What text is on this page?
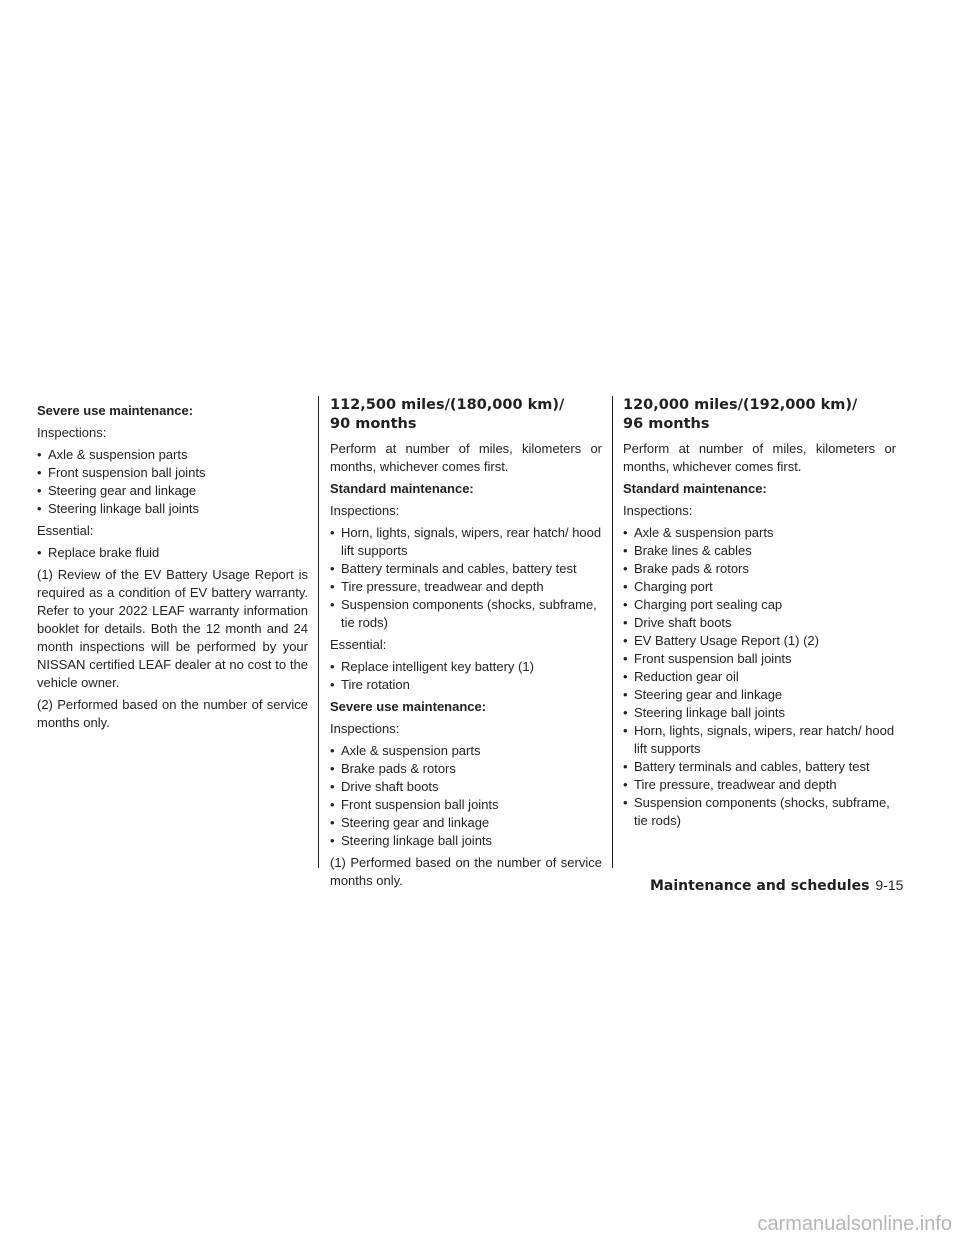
Severe use maintenance:

Inspections:

• Axle & suspension parts
• Front suspension ball joints
• Steering gear and linkage
• Steering linkage ball joints

Essential:

• Replace brake fluid

(1) Review of the EV Battery Usage Report is required as a condition of EV battery warranty. Refer to your 2022 LEAF warranty information booklet for details. Both the 12 month and 24 month inspections will be performed by your NISSAN certified LEAF dealer at no cost to the vehicle owner.

(2) Performed based on the number of service months only.

112,500 miles/(180,000 km)/
90 months

Perform at number of miles, kilometers or months, whichever comes first.

Standard maintenance:

Inspections:

• Horn, lights, signals, wipers, rear hatch/ hood lift supports
• Battery terminals and cables, battery test
• Tire pressure, treadwear and depth
• Suspension components (shocks, subframe, tie rods)

Essential:

• Replace intelligent key battery (1)
• Tire rotation

Severe use maintenance:

Inspections:

• Axle & suspension parts
• Brake pads & rotors
• Drive shaft boots
• Front suspension ball joints
• Steering gear and linkage
• Steering linkage ball joints

(1) Performed based on the number of service months only.

120,000 miles/(192,000 km)/
96 months

Perform at number of miles, kilometers or months, whichever comes first.

Standard maintenance:

Inspections:

• Axle & suspension parts
• Brake lines & cables
• Brake pads & rotors
• Charging port
• Charging port sealing cap
• Drive shaft boots
• EV Battery Usage Report (1) (2)
• Front suspension ball joints
• Reduction gear oil
• Steering gear and linkage
• Steering linkage ball joints
• Horn, lights, signals, wipers, rear hatch/ hood lift supports
• Battery terminals and cables, battery test
• Tire pressure, treadwear and depth
• Suspension components (shocks, subframe, tie rods)
Maintenance and schedules 9-15
carmanualsonline.info
